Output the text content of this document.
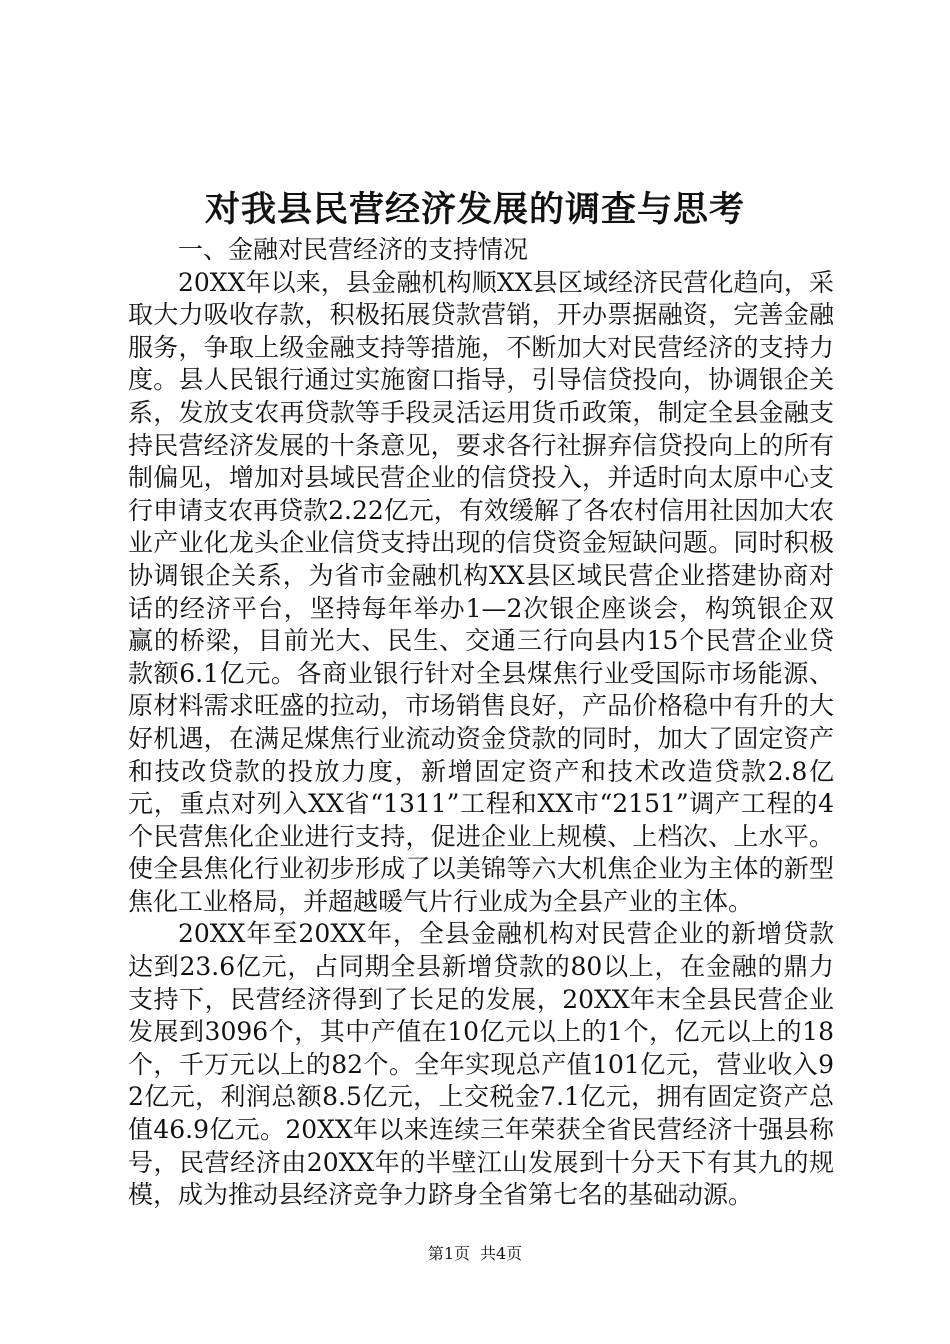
对我县民营经济发展的调查与思考

一、金融对民营经济的支持情况

20XX年以来，县金融机构顺XX县区域经济民营化趋向，采取大力吸收存款，积极拓展贷款营销，开办票据融资，完善金融服务，争取上级金融支持等措施，不断加大对民营经济的支持力度。县人民银行通过实施窗口指导，引导信贷投向，协调银企关系，发放支农再贷款等手段灵活运用货币政策，制定全县金融支持民营经济发展的十条意见，要求各行社摒弃信贷投向上的所有制偏见，增加对县域民营企业的信贷投入，并适时向太原中心支行申请支农再贷款2.22亿元，有效缓解了各农村信用社因加大农业产业化龙头企业信贷支持出现的信贷资金短缺问题。同时积极协调银企关系，为省市金融机构XX县区域民营企业搭建协商对话的经济平台，坚持每年举办1—2次银企座谈会，构筑银企双赢的桥梁，目前光大、民生、交通三行向县内15个民营企业贷款额6.1亿元。各商业银行针对全县煤焦行业受国际市场能源、原材料需求旺盛的拉动，市场销售良好，产品价格稳中有升的大好机遇，在满足煤焦行业流动资金贷款的同时，加大了固定资产和技改贷款的投放力度，新增固定资产和技术改造贷款2.8亿元，重点对列入XX省“1311”工程和XX市“2151”调产工程的4个民营焦化企业进行支持，促进企业上规模、上档次、上水平。使全县焦化行业初步形成了以美锦等六大机焦企业为主体的新型焦化工业格局，并超越暖气片行业成为全县产业的主体。

20XX年至20XX年，全县金融机构对民营企业的新增贷款达到23.6亿元，占同期全县新增贷款的80以上，在金融的鼎力支持下，民营经济得到了长足的发展，20XX年末全县民营企业发展到3096个，其中产值在10亿元以上的1个，亿元以上的18个，千万元以上的82个。全年实现总产值101亿元，营业收入92亿元，利润总额8.5亿元，上交税金7.1亿元，拥有固定资产总值46.9亿元。20XX年以来连续三年荣获全省民营经济十强县称号，民营经济由20XX年的半壁江山发展到十分天下有其九的规模，成为推动县经济竞争力跻身全省第七名的基础动源。

第1页 共4页
